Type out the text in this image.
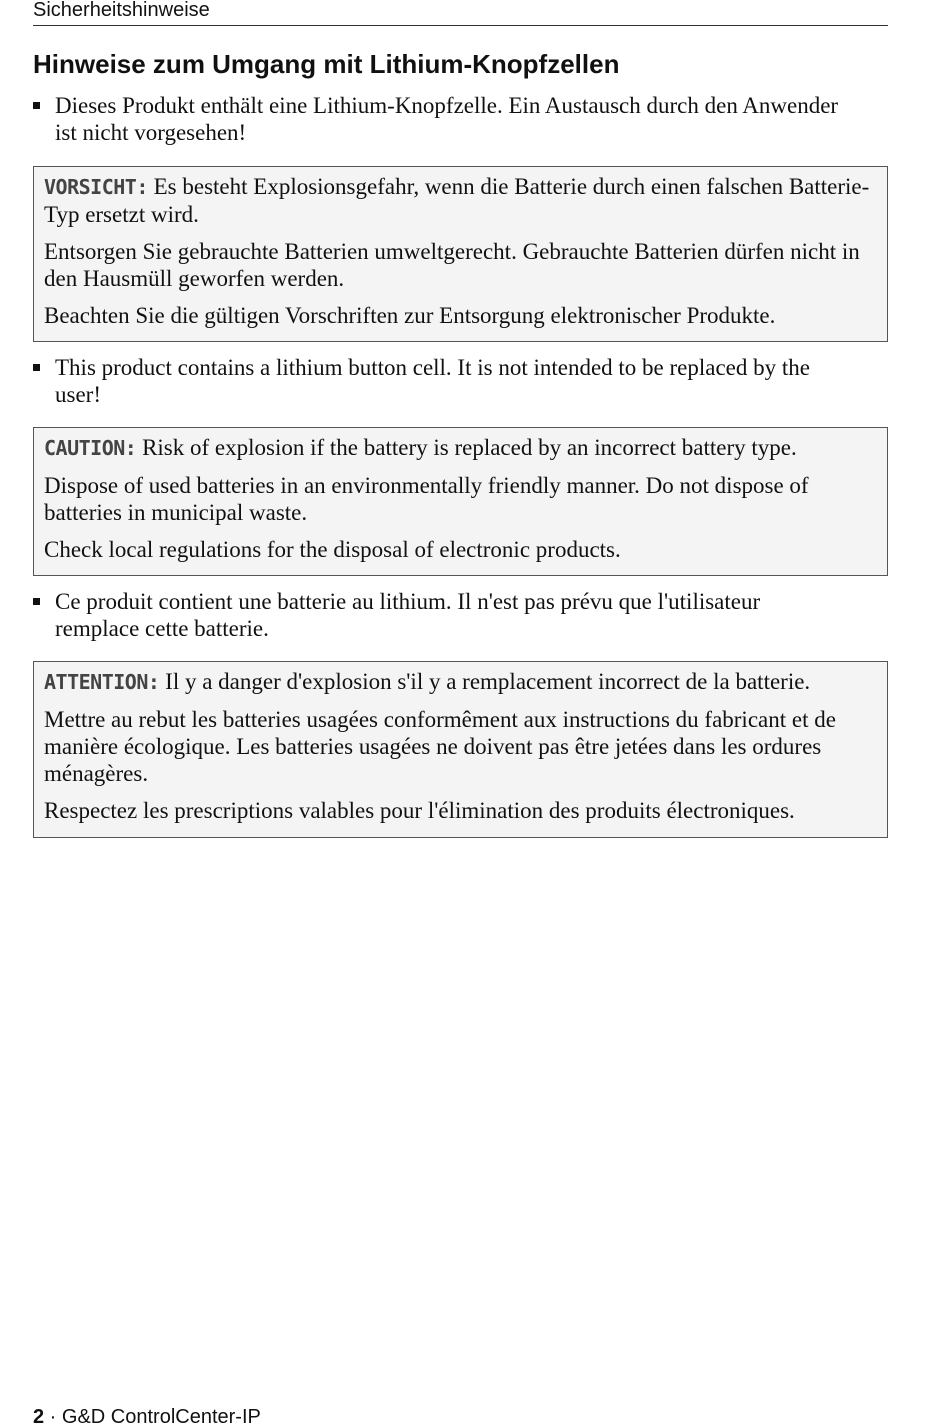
Sicherheitshinweise
Hinweise zum Umgang mit Lithium-Knopfzellen
Dieses Produkt enthält eine Lithium-Knopfzelle. Ein Austausch durch den Anwender ist nicht vorgesehen!

VORSICHT: Es besteht Explosionsgefahr, wenn die Batterie durch einen falschen Batterie-Typ ersetzt wird.

Entsorgen Sie gebrauchte Batterien umweltgerecht. Gebrauchte Batterien dürfen nicht in den Hausmüll geworfen werden.

Beachten Sie die gültigen Vorschriften zur Entsorgung elektronischer Produkte.

This product contains a lithium button cell. It is not intended to be replaced by the user!

CAUTION: Risk of explosion if the battery is replaced by an incorrect battery type.

Dispose of used batteries in an environmentally friendly manner. Do not dispose of batteries in municipal waste.

Check local regulations for the disposal of electronic products.

Ce produit contient une batterie au lithium. Il n'est pas prévu que l'utilisateur remplace cette batterie.

ATTENTION: Il y a danger d'explosion s'il y a remplacement incorrect de la batterie.

Mettre au rebut les batteries usagées conformêment aux instructions du fabricant et de manière écologique. Les batteries usagées ne doivent pas être jetées dans les ordures ménagères.

Respectez les prescriptions valables pour l'élimination des produits électroniques.

2 · G&D ControlCenter-IP
